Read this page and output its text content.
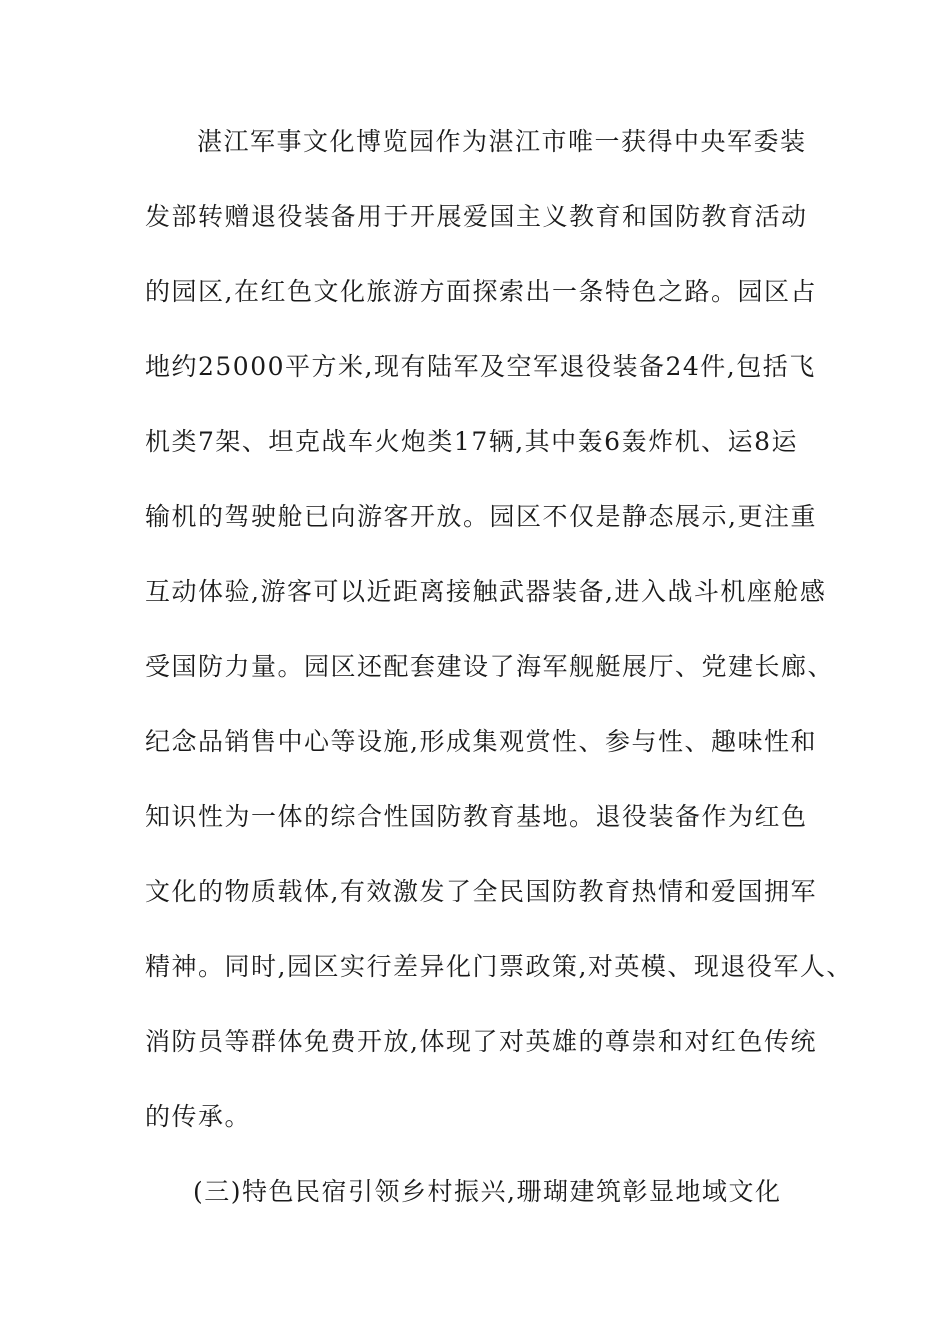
湛江军事文化博览园作为湛江市唯一获得中央军委装
发部转赠退役装备用于开展爱国主义教育和国防教育活动
的园区,在红色文化旅游方面探索出一条特色之路。园区占
地约25000平方米,现有陆军及空军退役装备24件,包括飞
机类7架、坦克战车火炮类17辆,其中轰6轰炸机、运8运
输机的驾驶舱已向游客开放。园区不仅是静态展示,更注重
互动体验,游客可以近距离接触武器装备,进入战斗机座舱感
受国防力量。园区还配套建设了海军舰艇展厅、党建长廊、
纪念品销售中心等设施,形成集观赏性、参与性、趣味性和
知识性为一体的综合性国防教育基地。退役装备作为红色
文化的物质载体,有效激发了全民国防教育热情和爱国拥军
精神。同时,园区实行差异化门票政策,对英模、现退役军人、
消防员等群体免费开放,体现了对英雄的尊崇和对红色传统
的传承。
(三)特色民宿引领乡村振兴,珊瑚建筑彰显地域文化
